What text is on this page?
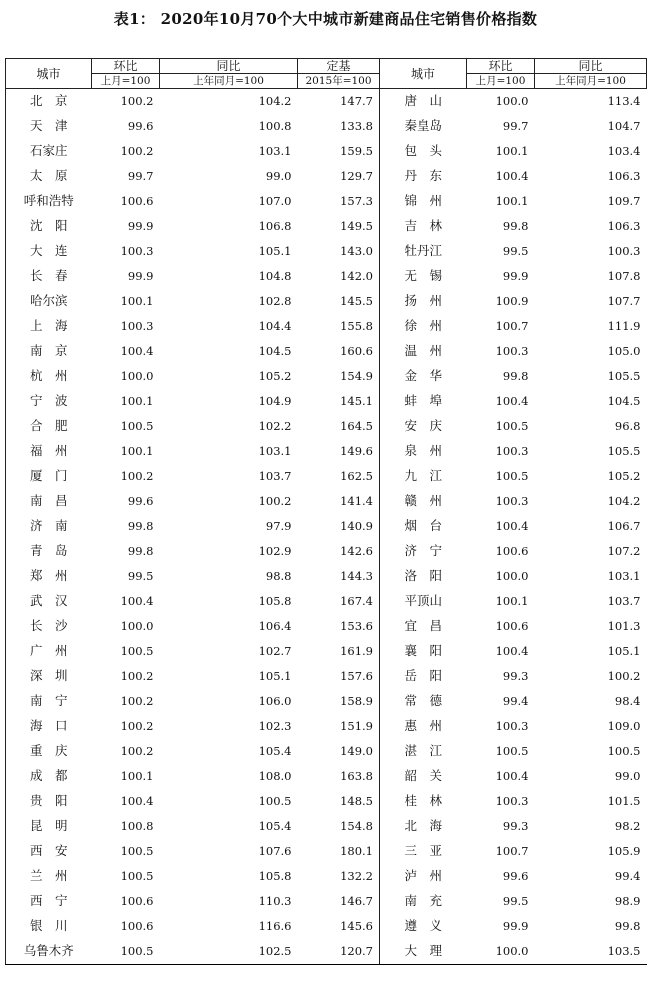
表1： 2020年10月70个大中城市新建商品住宅销售价格指数
城市	环比	同比	定基	城市	环比	同比	
	上月=100	上年同月=100	2015年=100		上月=100	上年同月=100	
北　京	100.2	104.2	147.7	唐　山	100.0	113.4	
天　津	99.6	100.8	133.8	秦皇岛	99.7	104.7	
石家庄	100.2	103.1	159.5	包　头	100.1	103.4	
太　原	99.7	99.0	129.7	丹　东	100.4	106.3	
呼和浩特	100.6	107.0	157.3	锦　州	100.1	109.7	
沈　阳	99.9	106.8	149.5	吉　林	99.8	106.3	
大　连	100.3	105.1	143.0	牡丹江	99.5	100.3	
长　春	99.9	104.8	142.0	无　锡	99.9	107.8	
哈尔滨	100.1	102.8	145.5	扬　州	100.9	107.7	
上　海	100.3	104.4	155.8	徐　州	100.7	111.9	
南　京	100.4	104.5	160.6	温　州	100.3	105.0	
杭　州	100.0	105.2	154.9	金　华	99.8	105.5	
宁　波	100.1	104.9	145.1	蚌　埠	100.4	104.5	
合　肥	100.5	102.2	164.5	安　庆	100.5	96.8	
福　州	100.1	103.1	149.6	泉　州	100.3	105.5	
厦　门	100.2	103.7	162.5	九　江	100.5	105.2	
南　昌	99.6	100.2	141.4	赣　州	100.3	104.2	
济　南	99.8	97.9	140.9	烟　台	100.4	106.7	
青　岛	99.8	102.9	142.6	济　宁	100.6	107.2	
郑　州	99.5	98.8	144.3	洛　阳	100.0	103.1	
武　汉	100.4	105.8	167.4	平顶山	100.1	103.7	
长　沙	100.0	106.4	153.6	宜　昌	100.6	101.3	
广　州	100.5	102.7	161.9	襄　阳	100.4	105.1	
深　圳	100.2	105.1	157.6	岳　阳	99.3	100.2	
南　宁	100.2	106.0	158.9	常　德	99.4	98.4	
海　口	100.2	102.3	151.9	惠　州	100.3	109.0	
重　庆	100.2	105.4	149.0	湛　江	100.5	100.5	
成　都	100.1	108.0	163.8	韶　关	100.4	99.0	
贵　阳	100.4	100.5	148.5	桂　林	100.3	101.5	
昆　明	100.8	105.4	154.8	北　海	99.3	98.2	
西　安	100.5	107.6	180.1	三　亚	100.7	105.9	
兰　州	100.5	105.8	132.2	泸　州	99.6	99.4	
西　宁	100.6	110.3	146.7	南　充	99.5	98.9	
银　川	100.6	116.6	145.6	遵　义	99.9	99.8	
乌鲁木齐	100.5	102.5	120.7	大　理	100.0	103.5	
